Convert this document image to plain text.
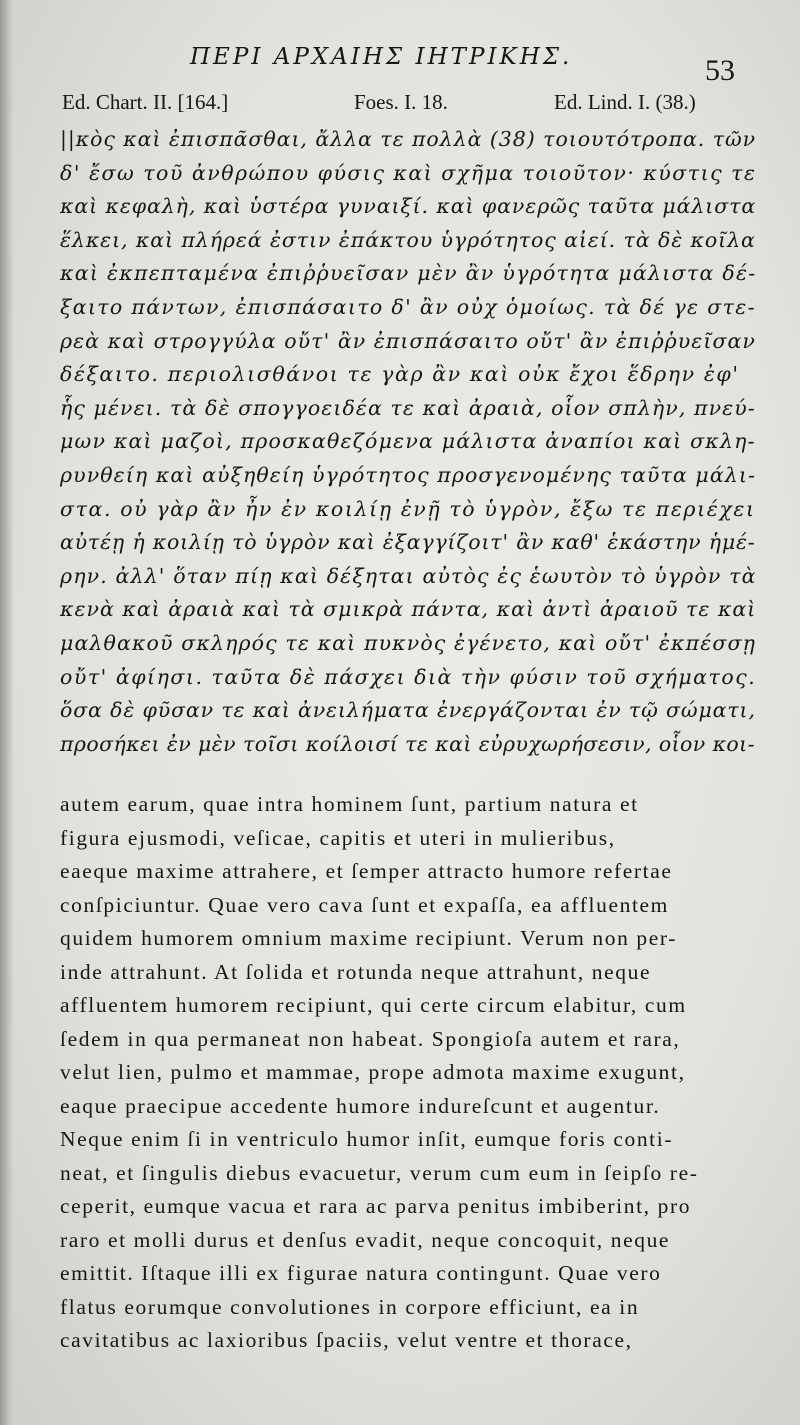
ΠΕΡΙ ΑΡΧΑΙΗΣ ΙΗΤΡΙΚΗΣ.	53
Ed. Chart. II. [164.]	Foes. I. 18.	Ed. Lind. I. (38.)
||κὸς καὶ ἐπισπᾶσθαι, ἄλλα τε πολλὰ (38) τοιουτότροπα. τῶν
δ' ἔσω τοῦ ἀνθρώπου φύσις καὶ σχῆμα τοιοῦτον· κύστις τε
καὶ κεφαλὴ, καὶ ὑστέρα γυναιξί. καὶ φανερῶς ταῦτα μάλιστα
ἕλκει, καὶ πλήρεά ἐστιν ἐπάκτου ὑγρότητος αἰεί. τὰ δὲ κοῖλα
καὶ ἐκπεπταμένα ἐπιῤῥυεῖσαν μὲν ἂν ὑγρότητα μάλιστα δέ-
ξαιτο πάντων, ἐπισπάσαιτο δ' ἂν οὐχ ὁμοίως. τὰ δέ γε στε-
ρεὰ καὶ στρογγύλα οὔτ' ἂν ἐπισπάσαιτο οὔτ' ἂν ἐπιῤῥυεῖσαν
δέξαιτο. περιολισθάνοι τε γὰρ ἂν καὶ οὐκ ἔχοι ἕδρην ἐφ'
ἧς μένει. τὰ δὲ σπογγοειδέα τε καὶ ἀραιὰ, οἷον σπλὴν, πνεύ-
μων καὶ μαζοὶ, προσκαθεζόμενα μάλιστα ἀναπίοι καὶ σκλη-
ρυνθείη καὶ αὐξηθείη ὑγρότητος προσγενομένης ταῦτα μάλι-
στα. οὐ γὰρ ἂν ἦν ἐν κοιλίῃ ἐνῇ τὸ ὑγρὸν, ἔξω τε περιέχει
αὐτέῃ ἡ κοιλίῃ τὸ ὑγρὸν καὶ ἐξαγγίζοιτ' ἂν καθ' ἑκάστην ἡμέ-
ρην. ἀλλ' ὅταν πίῃ καὶ δέξηται αὐτὸς ἐς ἑωυτὸν τὸ ὑγρὸν τὰ
κενὰ καὶ ἀραιὰ καὶ τὰ σμικρὰ πάντα, καὶ ἀντὶ ἀραιοῦ τε καὶ
μαλθακοῦ σκληρός τε καὶ πυκνὸς ἐγένετο, καὶ οὔτ' ἐκπέσσῃ
οὔτ' ἀφίησι. ταῦτα δὲ πάσχει διὰ τὴν φύσιν τοῦ σχήματος.
ὅσα δὲ φῦσαν τε καὶ ἀνειλήματα ἐνεργάζονται ἐν τῷ σώματι,
προσήκει ἐν μὲν τοῖσι κοίλοισί τε καὶ εὐρυχωρήσεσιν, οἷον κοι-
autem earum, quae intra hominem ſunt, partium natura et
figura ejusmodi, veſicae, capitis et uteri in mulieribus,
eaeque maxime attrahere, et ſemper attracto humore refertae
conſpiciuntur. Quae vero cava ſunt et expaſſa, ea affluentem
quidem humorem omnium maxime recipiunt. Verum non per-
inde attrahunt. At ſolida et rotunda neque attrahunt, neque
affluentem humorem recipiunt, qui certe circum elabitur, cum
ſedem in qua permaneat non habeat. Spongioſa autem et rara,
velut lien, pulmo et mammae, prope admota maxime exugunt,
eaque praecipue accedente humore indureſcunt et augentur.
Neque enim ſi in ventriculo humor inſit, eumque foris conti-
neat, et ſingulis diebus evacuetur, verum cum eum in ſeipſo re-
ceperit, eumque vacua et rara ac parva penitus imbiberint, pro
raro et molli durus et denſus evadit, neque concoquit, neque
emittit. Iſtaque illi ex figurae natura contingunt. Quae vero
flatus eorumque convolutiones in corpore efficiunt, ea in
cavitatibus ac laxioribus ſpaciis, velut ventre et thorace,
